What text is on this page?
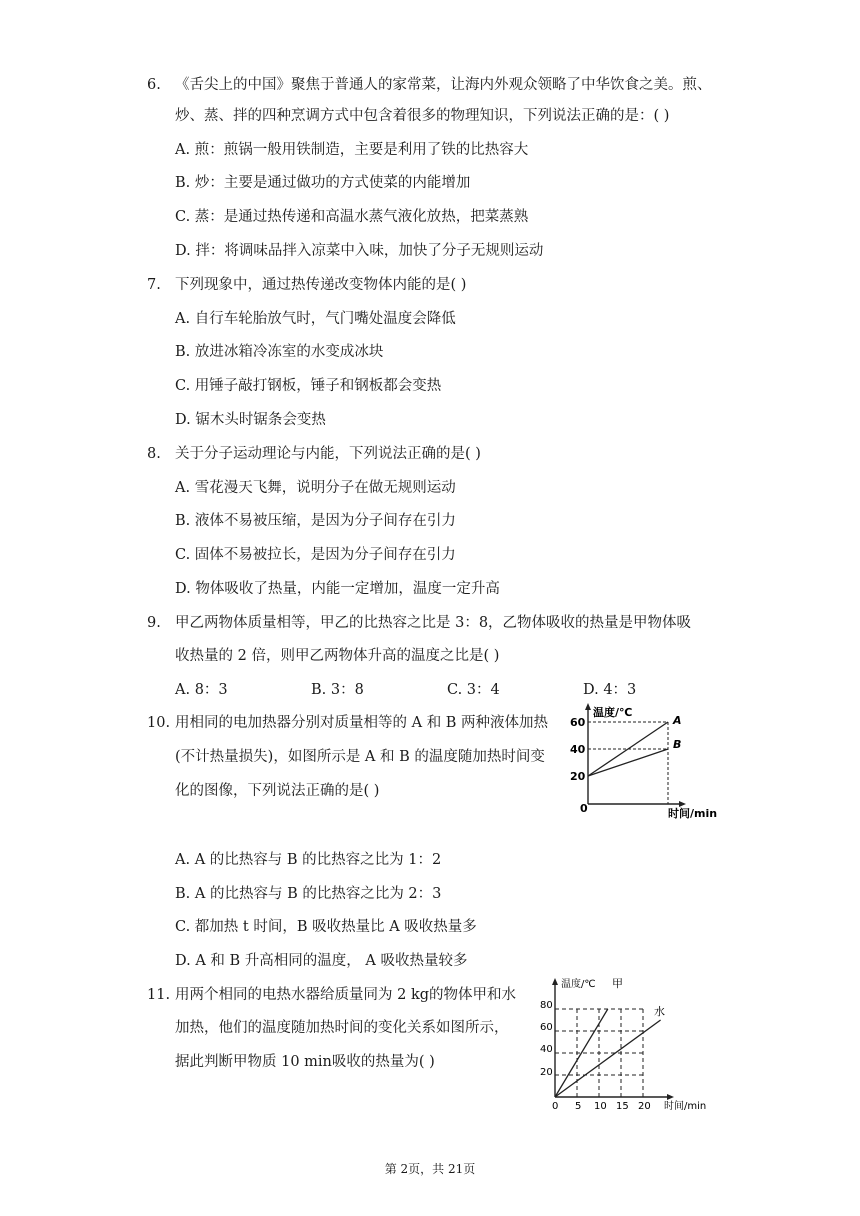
6. 《舌尖上的中国》聚焦于普通人的家常菜，让海内外观众领略了中华饮食之美。煎、
炒、蒸、拌的四种烹调方式中包含着很多的物理知识，下列说法正确的是：( )
A. 煎：煎锅一般用铁制造，主要是利用了铁的比热容大
B. 炒：主要是通过做功的方式使菜的内能增加
C. 蒸：是通过热传递和高温水蒸气液化放热，把菜蒸熟
D. 拌：将调味品拌入凉菜中入味，加快了分子无规则运动
7. 下列现象中，通过热传递改变物体内能的是( )
A. 自行车轮胎放气时，气门嘴处温度会降低
B. 放进冰箱冷冻室的水变成冰块
C. 用锤子敲打钢板，锤子和钢板都会变热
D. 锯木头时锯条会变热
8. 关于分子运动理论与内能，下列说法正确的是( )
A. 雪花漫天飞舞，说明分子在做无规则运动
B. 液体不易被压缩，是因为分子间存在引力
C. 固体不易被拉长，是因为分子间存在引力
D. 物体吸收了热量，内能一定增加，温度一定升高
9. 甲乙两物体质量相等，甲乙的比热容之比是 3：8，乙物体吸收的热量是甲物体吸
收热量的 2 倍，则甲乙两物体升高的温度之比是( )
A. 8：3	B. 3：8	C. 3：4	D. 4：3
10. 用相同的电加热器分别对质量相等的 A 和 B 两种液体加热
(不计热量损失)，如图所示是 A 和 B 的温度随加热时间变
化的图像，下列说法正确的是( )
温度/℃
60
40
20
0
A
B
时间/min
A. A 的比热容与 B 的比热容之比为 1：2
B. A 的比热容与 B 的比热容之比为 2：3
C. 都加热 t 时间，B 吸收热量比 A 吸收热量多
D. A 和 B 升高相同的温度， A 吸收热量较多
11. 用两个相同的电热水器给质量同为 2 kg的物体甲和水
加热，他们的温度随加热时间的变化关系如图所示，
据此判断甲物质 10 min吸收的热量为( )
温度/℃ 甲
水
80
60
40
20
0 5 10 15 20 时间/min
第 2页，共 21页
